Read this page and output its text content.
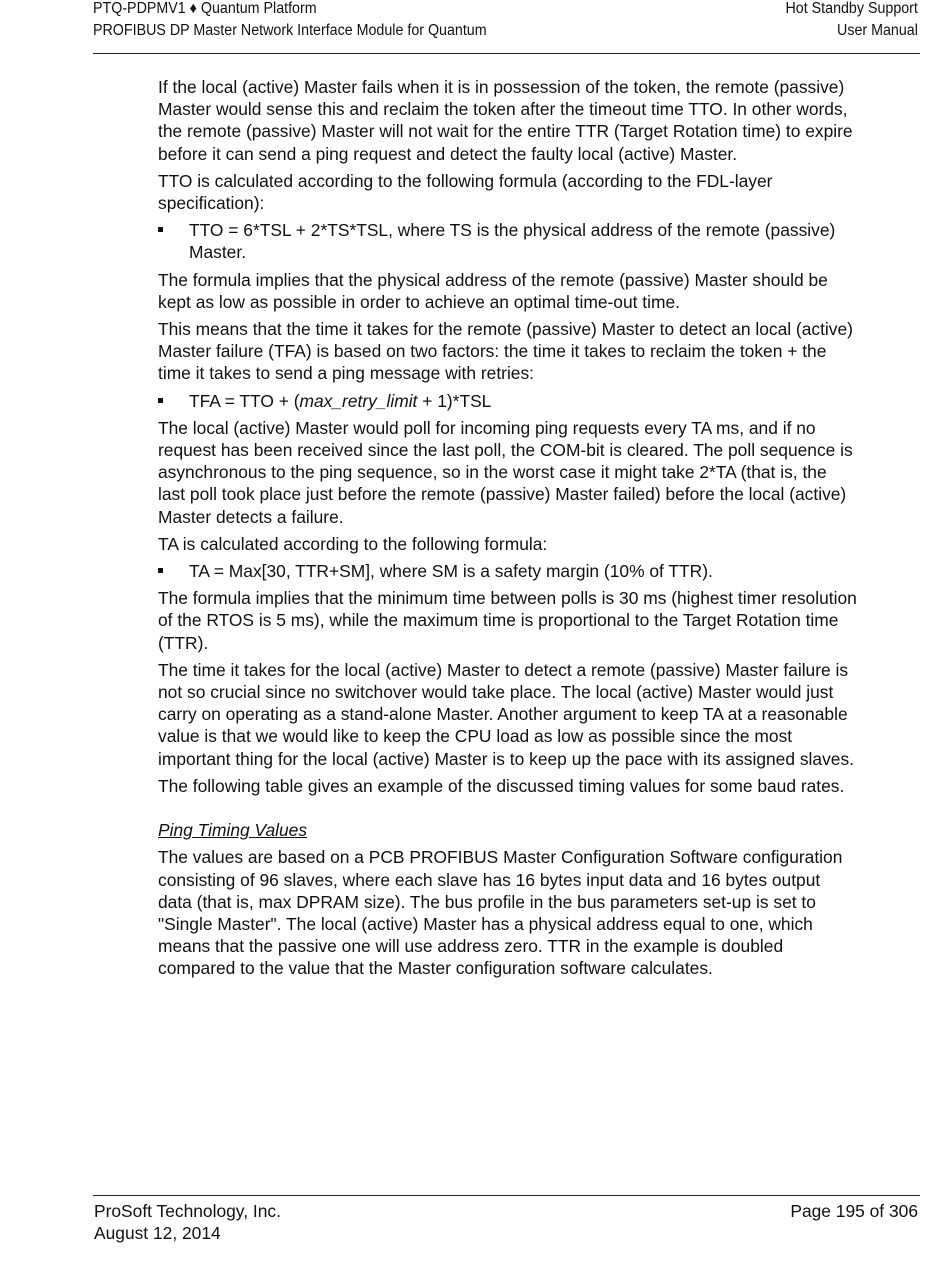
PTQ-PDPMV1 ♦ Quantum Platform
PROFIBUS DP Master Network Interface Module for Quantum
Hot Standby Support
User Manual

If the local (active) Master fails when it is in possession of the token, the remote (passive) Master would sense this and reclaim the token after the timeout time TTO. In other words, the remote (passive) Master will not wait for the entire TTR (Target Rotation time) to expire before it can send a ping request and detect the faulty local (active) Master.

TTO is calculated according to the following formula (according to the FDL-layer specification):

TTO = 6*TSL + 2*TS*TSL, where TS is the physical address of the remote (passive) Master.

The formula implies that the physical address of the remote (passive) Master should be kept as low as possible in order to achieve an optimal time-out time.

This means that the time it takes for the remote (passive) Master to detect an local (active) Master failure (TFA) is based on two factors: the time it takes to reclaim the token + the time it takes to send a ping message with retries:

TFA = TTO + (max_retry_limit + 1)*TSL

The local (active) Master would poll for incoming ping requests every TA ms, and if no request has been received since the last poll, the COM-bit is cleared. The poll sequence is asynchronous to the ping sequence, so in the worst case it might take 2*TA (that is, the last poll took place just before the remote (passive) Master failed) before the local (active) Master detects a failure.

TA is calculated according to the following formula:

TA = Max[30, TTR+SM], where SM is a safety margin (10% of TTR).

The formula implies that the minimum time between polls is 30 ms (highest timer resolution of the RTOS is 5 ms), while the maximum time is proportional to the Target Rotation time (TTR).

The time it takes for the local (active) Master to detect a remote (passive) Master failure is not so crucial since no switchover would take place. The local (active) Master would just carry on operating as a stand-alone Master. Another argument to keep TA at a reasonable value is that we would like to keep the CPU load as low as possible since the most important thing for the local (active) Master is to keep up the pace with its assigned slaves.

The following table gives an example of the discussed timing values for some baud rates.

Ping Timing Values

The values are based on a PCB PROFIBUS Master Configuration Software configuration consisting of 96 slaves, where each slave has 16 bytes input data and 16 bytes output data (that is, max DPRAM size). The bus profile in the bus parameters set-up is set to "Single Master". The local (active) Master has a physical address equal to one, which means that the passive one will use address zero. TTR in the example is doubled compared to the value that the Master configuration software calculates.

ProSoft Technology, Inc.
August 12, 2014
Page 195 of 306
